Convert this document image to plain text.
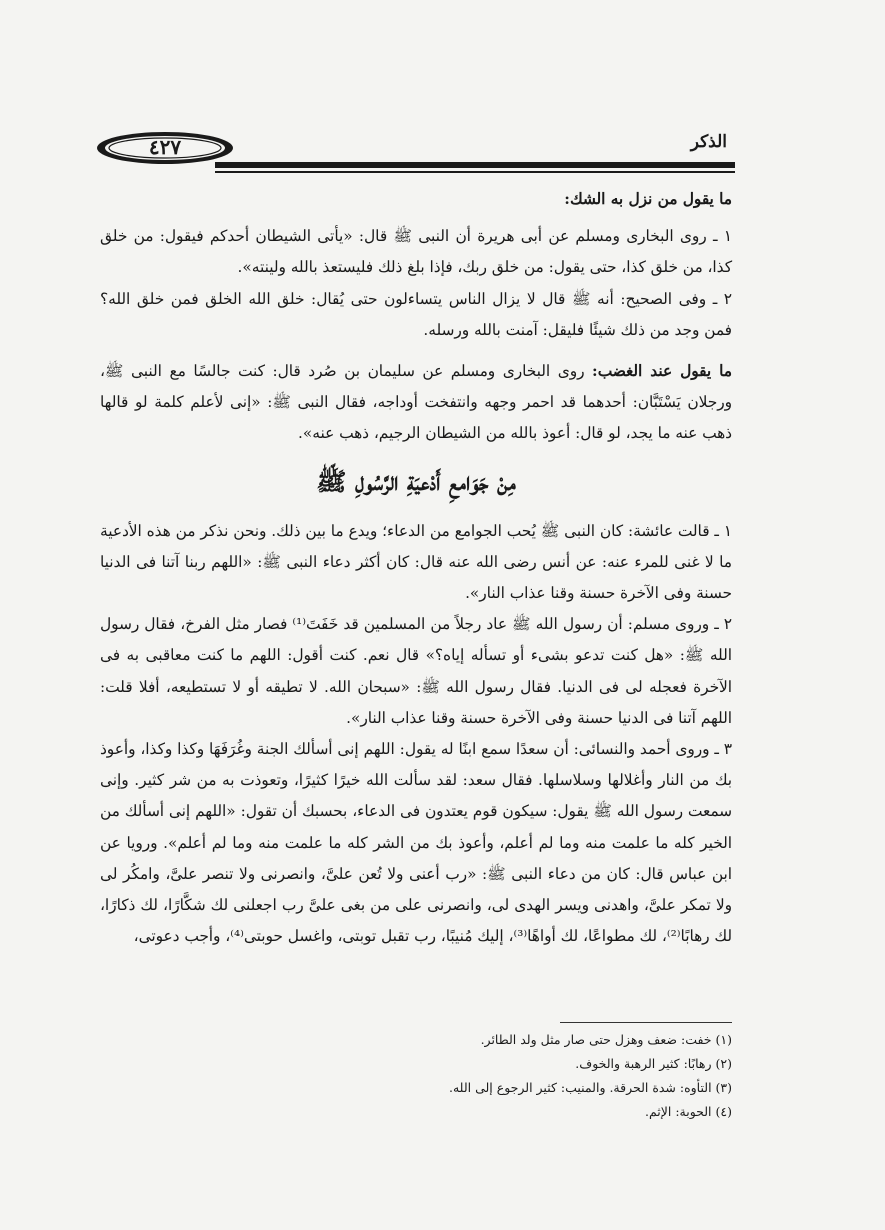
٤٢٧	الذكر

ما يقول من نزل به الشك:

١ ـ روى البخارى ومسلم عن أبى هريرة أن النبى ﷺ قال: «يأتى الشيطان أحدكم فيقول: من خلق كذا، من خلق كذا، حتى يقول: من خلق ربك، فإذا بلغ ذلك فليستعذ بالله ولينته».

٢ ـ وفى الصحيح: أنه ﷺ قال لا يزال الناس يتساءلون حتى يُقال: خلق الله الخلق فمن خلق الله؟ فمن وجد من ذلك شيئًا فليقل: آمنت بالله ورسله.

ما يقول عند الغضب: روى البخارى ومسلم عن سليمان بن صُرد قال: كنت جالسًا مع النبى ﷺ، ورجلان يَسْتَبَّان: أحدهما قد احمر وجهه وانتفخت أوداجه، فقال النبى ﷺ: «إنى لأعلم كلمة لو قالها ذهب عنه ما يجد، لو قال: أعوذ بالله من الشيطان الرجيم، ذهب عنه».

مِنْ جَوَامعِ أَدْعيَةِ الرَّسُولِ ﷺ

١ ـ قالت عائشة: كان النبى ﷺ يُحب الجوامع من الدعاء؛ ويدع ما بين ذلك. ونحن نذكر من هذه الأدعية ما لا غنى للمرء عنه: عن أنس رضى الله عنه قال: كان أكثر دعاء النبى ﷺ: «اللهم ربنا آتنا فى الدنيا حسنة وفى الآخرة حسنة وقنا عذاب النار».

٢ ـ وروى مسلم: أن رسول الله ﷺ عاد رجلاً من المسلمين قد خَفَتَ⁽¹⁾ فصار مثل الفرخ، فقال رسول الله ﷺ: «هل كنت تدعو بشىء أو تسأله إياه؟» قال نعم. كنت أقول: اللهم ما كنت معاقبى به فى الآخرة فعجله لى فى الدنيا. فقال رسول الله ﷺ: «سبحان الله. لا تطيقه أو لا تستطيعه، أفلا قلت: اللهم آتنا فى الدنيا حسنة وفى الآخرة حسنة وقنا عذاب النار».

٣ ـ وروى أحمد والنسائى: أن سعدًا سمع ابنًا له يقول: اللهم إنى أسألك الجنة وغُرَفَهَا وكذا وكذا، وأعوذ بك من النار وأغلالها وسلاسلها. فقال سعد: لقد سألت الله خيرًا كثيرًا، وتعوذت به من شر كثير. وإنى سمعت رسول الله ﷺ يقول: سيكون قوم يعتدون فى الدعاء، بحسبك أن تقول: «اللهم إنى أسألك من الخير كله ما علمت منه وما لم أعلم، وأعوذ بك من الشر كله ما علمت منه وما لم أعلم». ورويا عن ابن عباس قال: كان من دعاء النبى ﷺ: «رب أعنى ولا تُعن علىَّ، وانصرنى ولا تنصر علىَّ، وامكُر لى ولا تمكر علىَّ، واهدنى ويسر الهدى لى، وانصرنى على من بغى علىَّ رب اجعلنى لك شكَّارًا، لك ذكارًا، لك رهابًا⁽²⁾، لك مطواعًا، لك أواهًا⁽³⁾، إليك مُنيبًا، رب تقبل توبتى، واغسل حوبتى⁽⁴⁾، وأجب دعوتى،

(١) خفت: ضعف وهزل حتى صار مثل ولد الطائر.

(٢) رهابًا: كثير الرهبة والخوف.

(٣) التأوه: شدة الحرقة. والمنيب: كثير الرجوع إلى الله.

(٤) الحوبة: الإثم.
